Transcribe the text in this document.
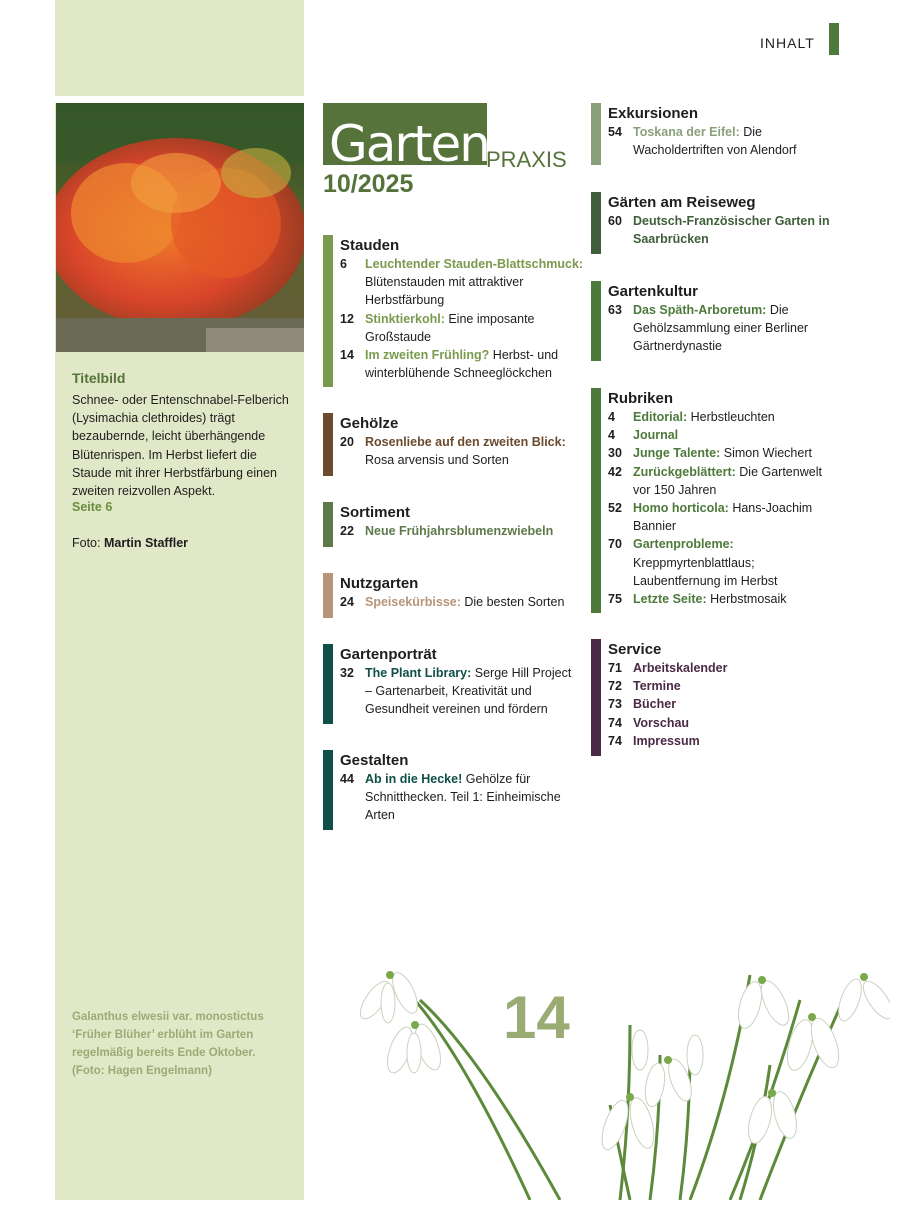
Titelbild
Schnee- oder Entenschnabel-Felberich (Lysimachia clethroides) trägt bezaubernde, leicht überhängende Blütenrispen. Im Herbst liefert die Staude mit ihrer Herbstfärbung einen zweiten reizvollen Aspekt.
Seite 6
Foto: Martin Staffler
Galanthus elwesii var. monostictus ‘Früher Blüher’ erblüht im Garten regelmäßig bereits Ende Oktober. (Foto: Hagen Engelmann)
INHALT
Garten
PRAXIS
10/2025
Stauden
6 Leuchtender Stauden-Blattschmuck: Blütenstauden mit attraktiver Herbstfärbung
12 Stinktierkohl: Eine imposante Großstaude
14 Im zweiten Frühling? Herbst- und winterblühende Schneeglöckchen
Gehölze
20 Rosenliebe auf den zweiten Blick: Rosa arvensis und Sorten
Sortiment
22 Neue Frühjahrsblumenzwiebeln
Nutzgarten
24 Speisekürbisse: Die besten Sorten
Gartenporträt
32 The Plant Library: Serge Hill Project – Gartenarbeit, Kreativität und Gesundheit vereinen und fördern
Gestalten
44 Ab in die Hecke! Gehölze für Schnitthecken. Teil 1: Einheimische Arten
Exkursionen
54 Toskana der Eifel: Die Wacholdertriften von Alendorf
Gärten am Reiseweg
60 Deutsch-Französischer Garten in Saarbrücken
Gartenkultur
63 Das Späth-Arboretum: Die Gehölzsammlung einer Berliner Gärtnerdynastie
Rubriken
4 Editorial: Herbstleuchten
4 Journal
30 Junge Talente: Simon Wiechert
42 Zurückgeblättert: Die Gartenwelt vor 150 Jahren
52 Homo horticola: Hans-Joachim Bannier
70 Gartenprobleme: Kreppmyrtenblattlaus; Laubentfernung im Herbst
75 Letzte Seite: Herbstmosaik
Service
71 Arbeitskalender
72 Termine
73 Bücher
74 Vorschau
74 Impressum
14
